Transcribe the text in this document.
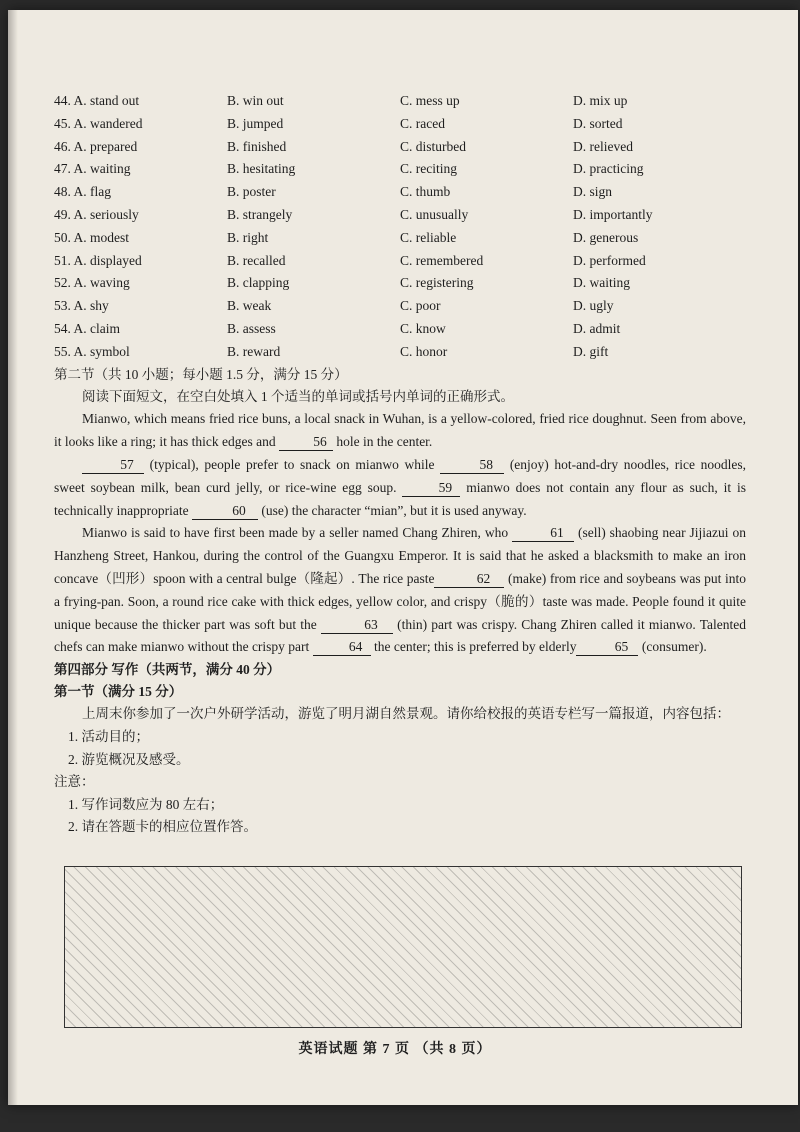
44. A. stand out	B. win out	C. mess up	D. mix up
45. A. wandered	B. jumped	C. raced	D. sorted
46. A. prepared	B. finished	C. disturbed	D. relieved
47. A. waiting	B. hesitating	C. reciting	D. practicing
48. A. flag	B. poster	C. thumb	D. sign
49. A. seriously	B. strangely	C. unusually	D. importantly
50. A. modest	B. right	C. reliable	D. generous
51. A. displayed	B. recalled	C. remembered	D. performed
52. A. waving	B. clapping	C. registering	D. waiting
53. A. shy	B. weak	C. poor	D. ugly
54. A. claim	B. assess	C. know	D. admit
55. A. symbol	B. reward	C. honor	D. gift
第二节（共 10 小题；每小题 1.5 分，满分 15 分）
阅读下面短文，在空白处填入 1 个适当的单词或括号内单词的正确形式。
Mianwo, which means fried rice buns, a local snack in Wuhan, is a yellow-colored, fried rice doughnut. Seen from above, it looks like a ring; it has thick edges and	56 hole in the center.
57 (typical), people prefer to snack on mianwo while	58 (enjoy) hot-and-dry noodles, rice noodles, sweet soybean milk, bean curd jelly, or rice-wine egg soup.	59 mianwo does not contain any flour as such, it is technically inappropriate	60 (use) the character “mian”, but it is used anyway.
Mianwo is said to have first been made by a seller named Chang Zhiren, who	61 (sell) shaobing near Jijiazui on Hanzheng Street, Hankou, during the control of the Guangxu Emperor. It is said that he asked a blacksmith to make an iron concave（凹形）spoon with a central bulge（隆起）. The rice paste	62 (make) from rice and soybeans was put into a frying-pan. Soon, a round rice cake with thick edges, yellow color, and crispy（脆的）taste was made. People found it quite unique because the thicker part was soft but the	63 (thin) part was crispy. Chang Zhiren called it mianwo. Talented chefs can make mianwo without the crispy part	64 the center; this is preferred by elderly	65 (consumer).
第四部分 写作（共两节，满分 40 分）
第一节（满分 15 分）
上周末你参加了一次户外研学活动，游览了明月湖自然景观。请你给校报的英语专栏写一篇报道，内容包括：
1. 活动目的；
2. 游览概况及感受。
注意：
1. 写作词数应为 80 左右；
2. 请在答题卡的相应位置作答。
英语试题 第 7 页 （共 8 页）
